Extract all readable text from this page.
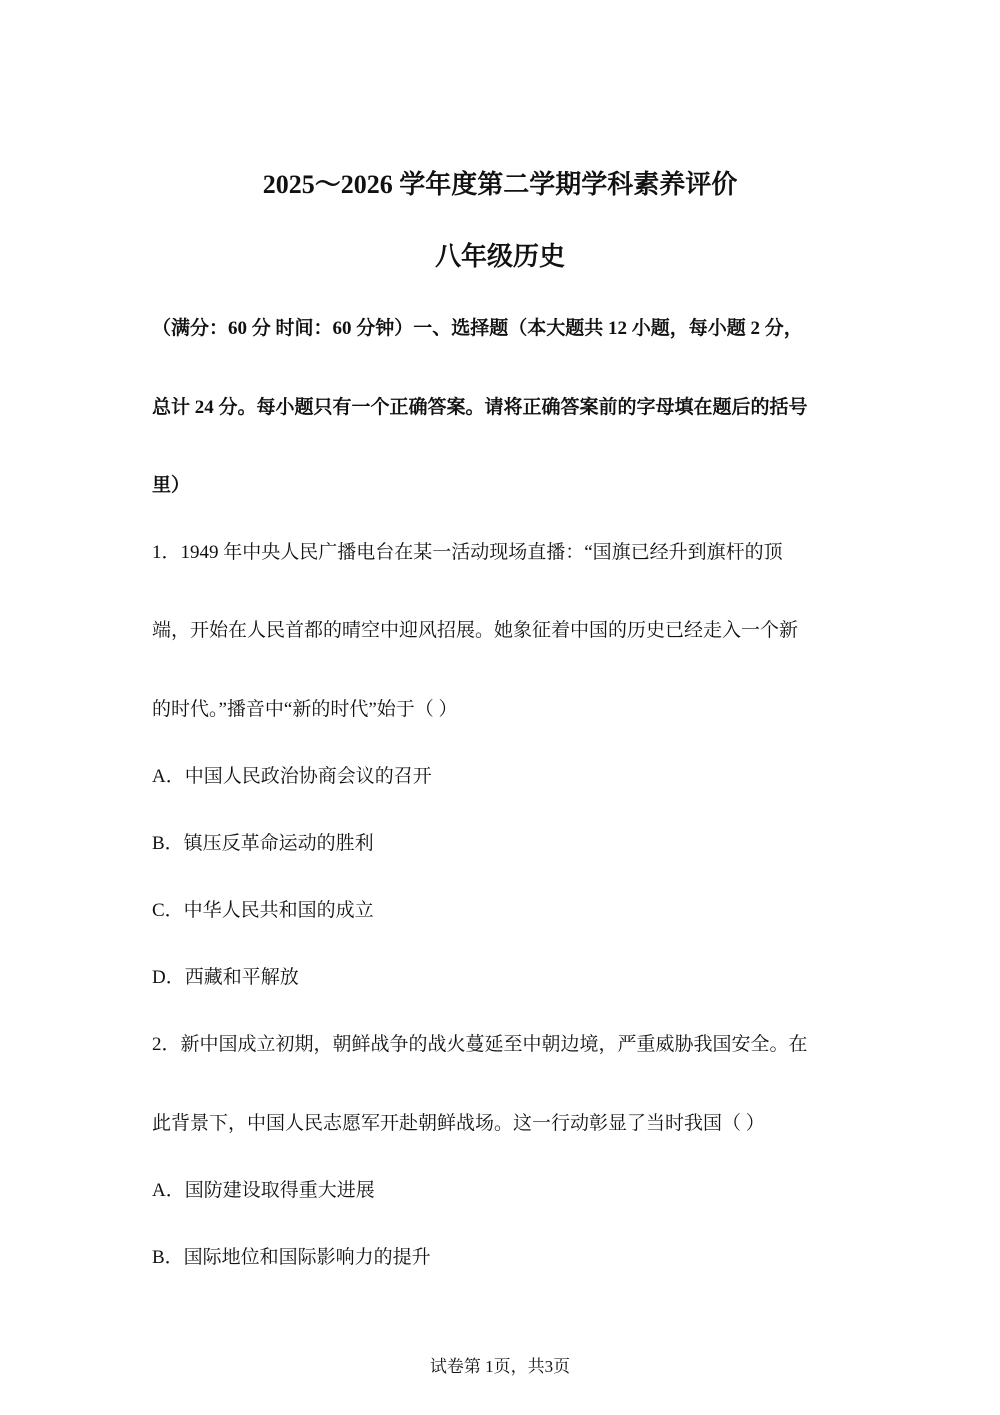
2025～2026 学年度第二学期学科素养评价
八年级历史
（满分：60 分 时间：60 分钟）一、选择题（本大题共 12 小题，每小题 2 分，
总计 24 分。每小题只有一个正确答案。请将正确答案前的字母填在题后的括号
里）
1．1949 年中央人民广播电台在某一活动现场直播：“国旗已经升到旗杆的顶
端，开始在人民首都的晴空中迎风招展。她象征着中国的历史已经走入一个新
的时代。”播音中“新的时代”始于（ ）
A．中国人民政治协商会议的召开
B．镇压反革命运动的胜利
C．中华人民共和国的成立
D．西藏和平解放
2．新中国成立初期，朝鲜战争的战火蔓延至中朝边境，严重威胁我国安全。在
此背景下，中国人民志愿军开赴朝鲜战场。这一行动彰显了当时我国（ ）
A．国防建设取得重大进展
B．国际地位和国际影响力的提升
试卷第 1页，共3页
